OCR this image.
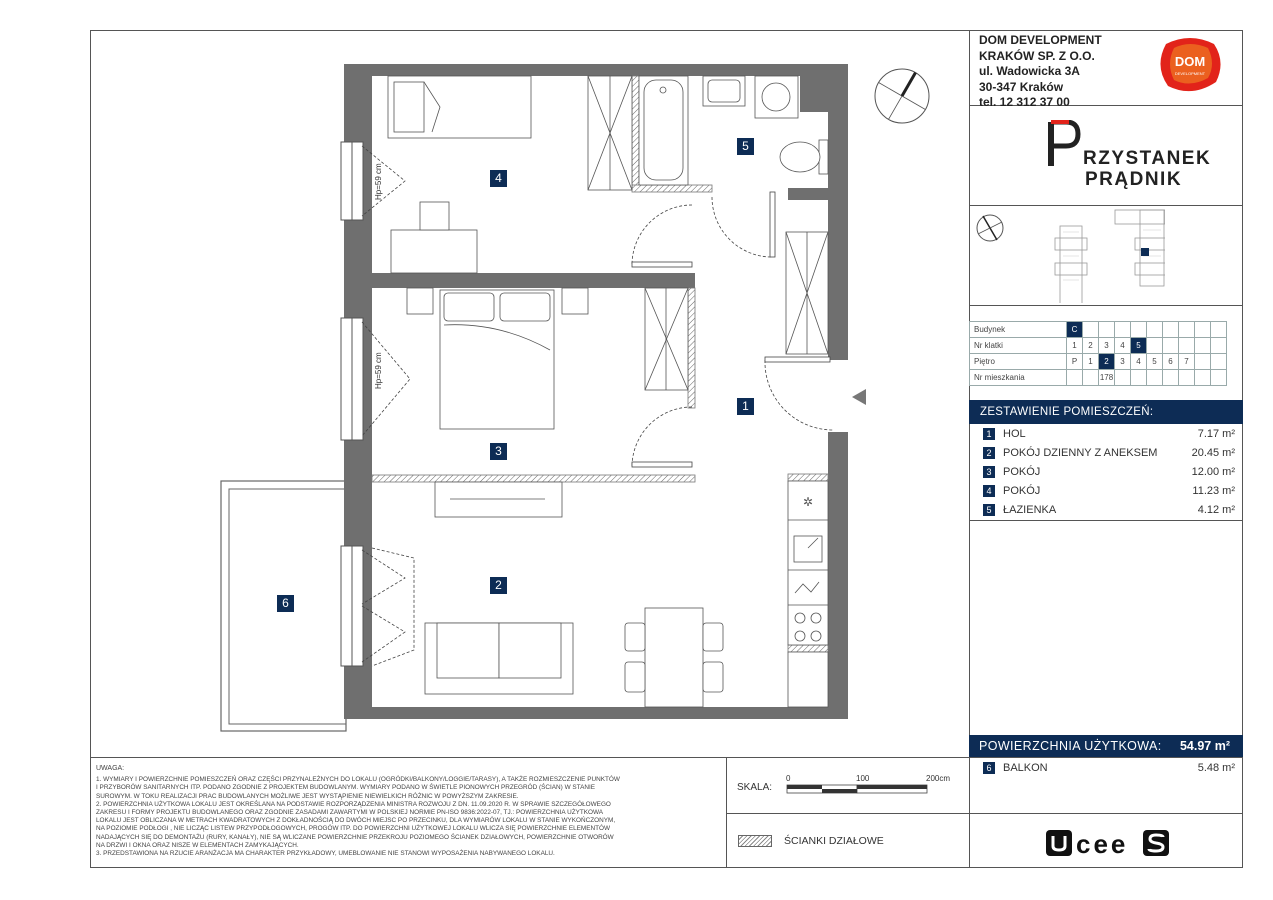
✲
Hp=59 cm
Hp=59 cm
1
2
3
4
5
6
DOM DEVELOPMENT
KRAKÓW SP. Z O.O.
ul. Wadowicka 3A
30-347 Kraków
tel. 12 312 37 00
DOM
DEVELOPMENT
RZYSTANEK
PRĄDNIK
Budynek	C									
Nr klatki	1	2	3	4	5					
Piętro	P	1	2	3	4	5	6	7		
Nr mieszkania			178							
ZESTAWIENIE POMIESZCZEŃ:
1	HOL	7.17 m²
2	POKÓJ DZIENNY Z ANEKSEM	20.45 m²
3	POKÓJ	12.00 m²
4	POKÓJ	11.23 m²
5	ŁAZIENKA	4.12 m²
POWIERZCHNIA UŻYTKOWA: 54.97 m²
6	BALKON	5.48 m²
UWAGA:
1. WYMIARY I POWIERZCHNIE POMIESZCZEŃ ORAZ CZĘŚCI PRZYNALEŻNYCH DO LOKALU (OGRÓDKI/BALKONY/LOGGIE/TARASY), A TAKŻE ROZMIESZCZENIE PUNKTÓW
I PRZYBORÓW SANITARNYCH ITP. PODANO ZGODNIE Z PROJEKTEM BUDOWLANYM. WYMIARY PODANO W ŚWIETLE PIONOWYCH PRZEGRÓD (ŚCIAN) W STANIE
SUROWYM. W TOKU REALIZACJI PRAC BUDOWLANYCH MOŻLIWE JEST WYSTĄPIENIE NIEWIELKICH RÓŻNIC W POWYŻSZYM ZAKRESIE.
2. POWIERZCHNIA UŻYTKOWA LOKALU JEST OKREŚLANA NA PODSTAWIE ROZPORZĄDZENIA MINISTRA ROZWOJU Z DN. 11.09.2020 R. W SPRAWIE SZCZEGÓŁOWEGO
ZAKRESU I FORMY PROJEKTU BUDOWLANEGO ORAZ ZGODNIE ZASADAMI ZAWARTYMI W POLSKIEJ NORMIE PN-ISO 9836:2022-07, TJ.: POWIERZCHNIA UŻYTKOWA
LOKALU JEST OBLICZANA W METRACH KWADRATOWYCH Z DOKŁADNOŚCIĄ DO DWÓCH MIEJSC PO PRZECINKU, DLA WYMIARÓW LOKALU W STANIE WYKOŃCZONYM,
NA POZIOMIE PODŁOGI , NIE LICZĄC LISTEW PRZYPODŁOGOWYCH, PROGÓW ITP. DO POWIERZCHNI UŻYTKOWEJ LOKALU WLICZA SIĘ POWIERZCHNIE ELEMENTÓW
NADAJĄCYCH SIĘ DO DEMONTAŻU (RURY, KANAŁY), NIE SĄ WLICZANE POWIERZCHNIE PRZEKROJU POZIOMEGO ŚCIANEK DZIAŁOWYCH, POWIERZCHNIE OTWORÓW
NA DRZWI I OKNA ORAZ NISZE W ELEMENTACH ZAMYKAJĄCYCH.
3. PRZEDSTAWIONA NA RZUCIE ARANŻACJA MA CHARAKTER PRZYKŁADOWY, UMEBLOWANIE NIE STANOWI WYPOSAŻENIA NABYWANEGO LOKALU.
SKALA:
0	100	200cm
ŚCIANKI DZIAŁOWE	cee
